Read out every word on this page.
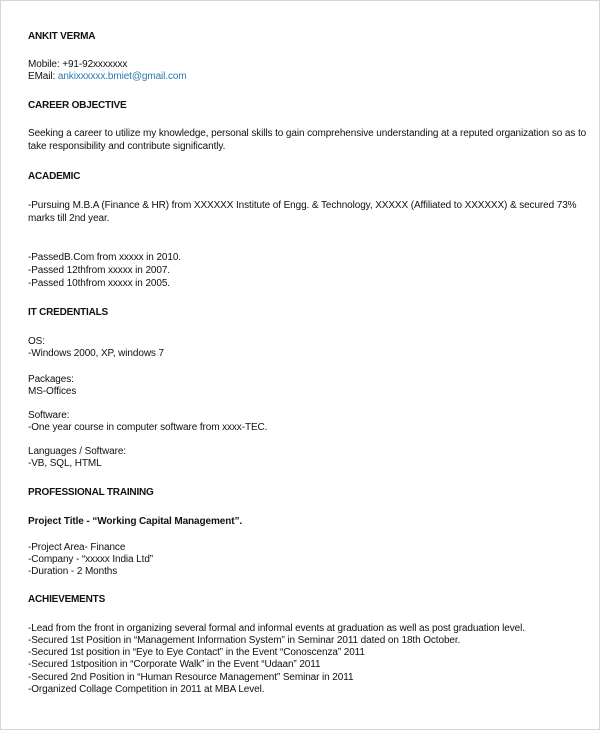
ANKIT VERMA
Mobile: +91-92xxxxxxx
EMail: ankixxxxxx.bmiet@gmail.com
CAREER OBJECTIVE
Seeking a career to utilize my knowledge, personal skills to gain comprehensive understanding at a reputed organization so as to
take responsibility and contribute significantly.
ACADEMIC
-Pursuing M.B.A (Finance & HR) from XXXXXX Institute of Engg. & Technology, XXXXX (Affiliated to XXXXXX) & secured 73%
marks till 2nd year.
-PassedB.Com from xxxxx in 2010.
-Passed 12thfrom xxxxx in 2007.
-Passed 10thfrom xxxxx in 2005.
IT CREDENTIALS
OS:
-Windows 2000, XP, windows 7
Packages:
MS-Offices
Software:
-One year course in computer software from xxxx-TEC.
Languages / Software:
-VB, SQL, HTML
PROFESSIONAL TRAINING
Project Title - “Working Capital Management”.
-Project Area- Finance
-Company - “xxxxx India Ltd”
-Duration - 2 Months
ACHIEVEMENTS
-Lead from the front in organizing several formal and informal events at graduation as well as post graduation level.
-Secured 1st Position in “Management Information System” in Seminar 2011 dated on 18th October.
-Secured 1st position in “Eye to Eye Contact” in the Event “Conoscenza” 2011
-Secured 1stposition in “Corporate Walk” in the Event “Udaan” 2011
-Secured 2nd Position in “Human Resource Management” Seminar in 2011
-Organized Collage Competition in 2011 at MBA Level.
